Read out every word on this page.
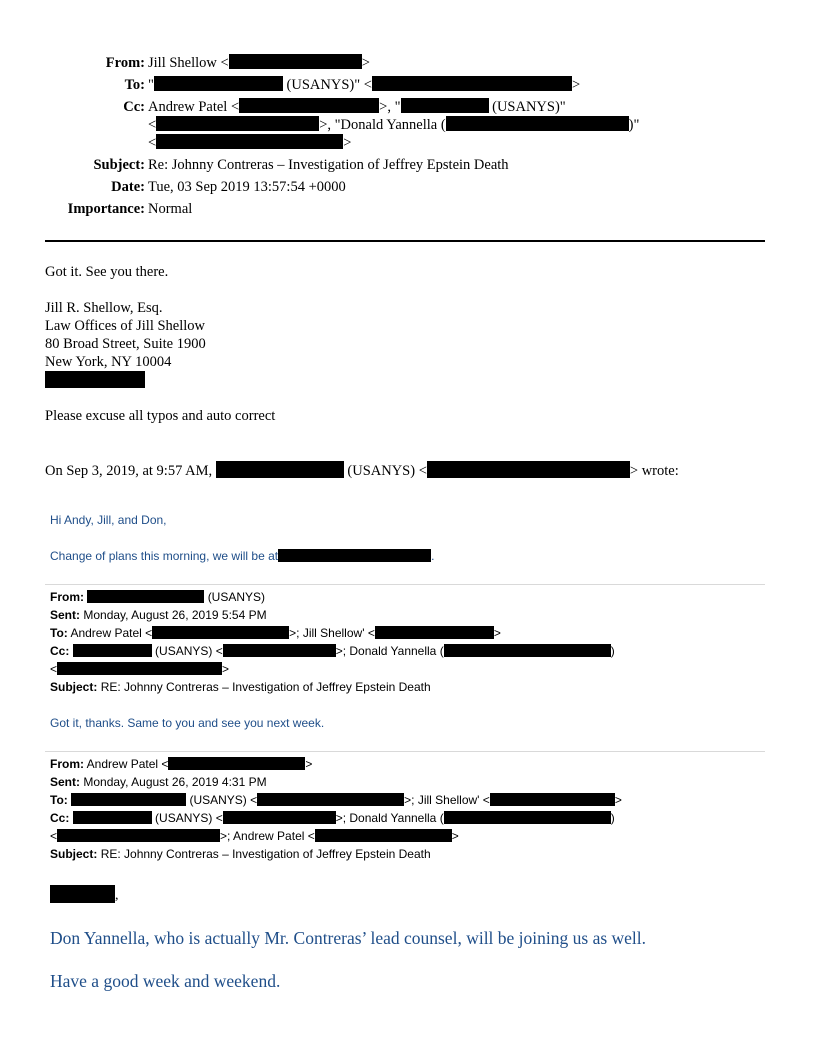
From: Jill Shellow <	>
To: "	(USANYS)" <	>
Cc: Andrew Patel <	>, "	(USANYS)"
<	>, "Donald Yannella (	)"
<	>
Subject: Re: Johnny Contreras – Investigation of Jeffrey Epstein Death
Date: Tue, 03 Sep 2019 13:57:54 +0000
Importance: Normal
Got it. See you there.
Jill R. Shellow, Esq.
Law Offices of Jill Shellow
80 Broad Street, Suite 1900
New York, NY 10004
Please excuse all typos and auto correct
On Sep 3, 2019, at 9:57 AM,	(USANYS) <	> wrote:
Hi Andy, Jill, and Don,
Change of plans this morning, we will be at	.
From:	(USANYS)
Sent: Monday, August 26, 2019 5:54 PM
To: Andrew Patel <	>; Jill Shellow' <	>
Cc:	(USANYS) <	>; Donald Yannella (	)
<	>
Subject: RE: Johnny Contreras – Investigation of Jeffrey Epstein Death
Got it, thanks. Same to you and see you next week.
From: Andrew Patel <	>
Sent: Monday, August 26, 2019 4:31 PM
To:	(USANYS) <	>; Jill Shellow' <	>
Cc:	(USANYS) <	>; Donald Yannella (	)
<	>; Andrew Patel <	>
Subject: RE: Johnny Contreras – Investigation of Jeffrey Epstein Death
,
Don Yannella, who is actually Mr. Contreras’ lead counsel, will be joining us as well.
Have a good week and weekend.
